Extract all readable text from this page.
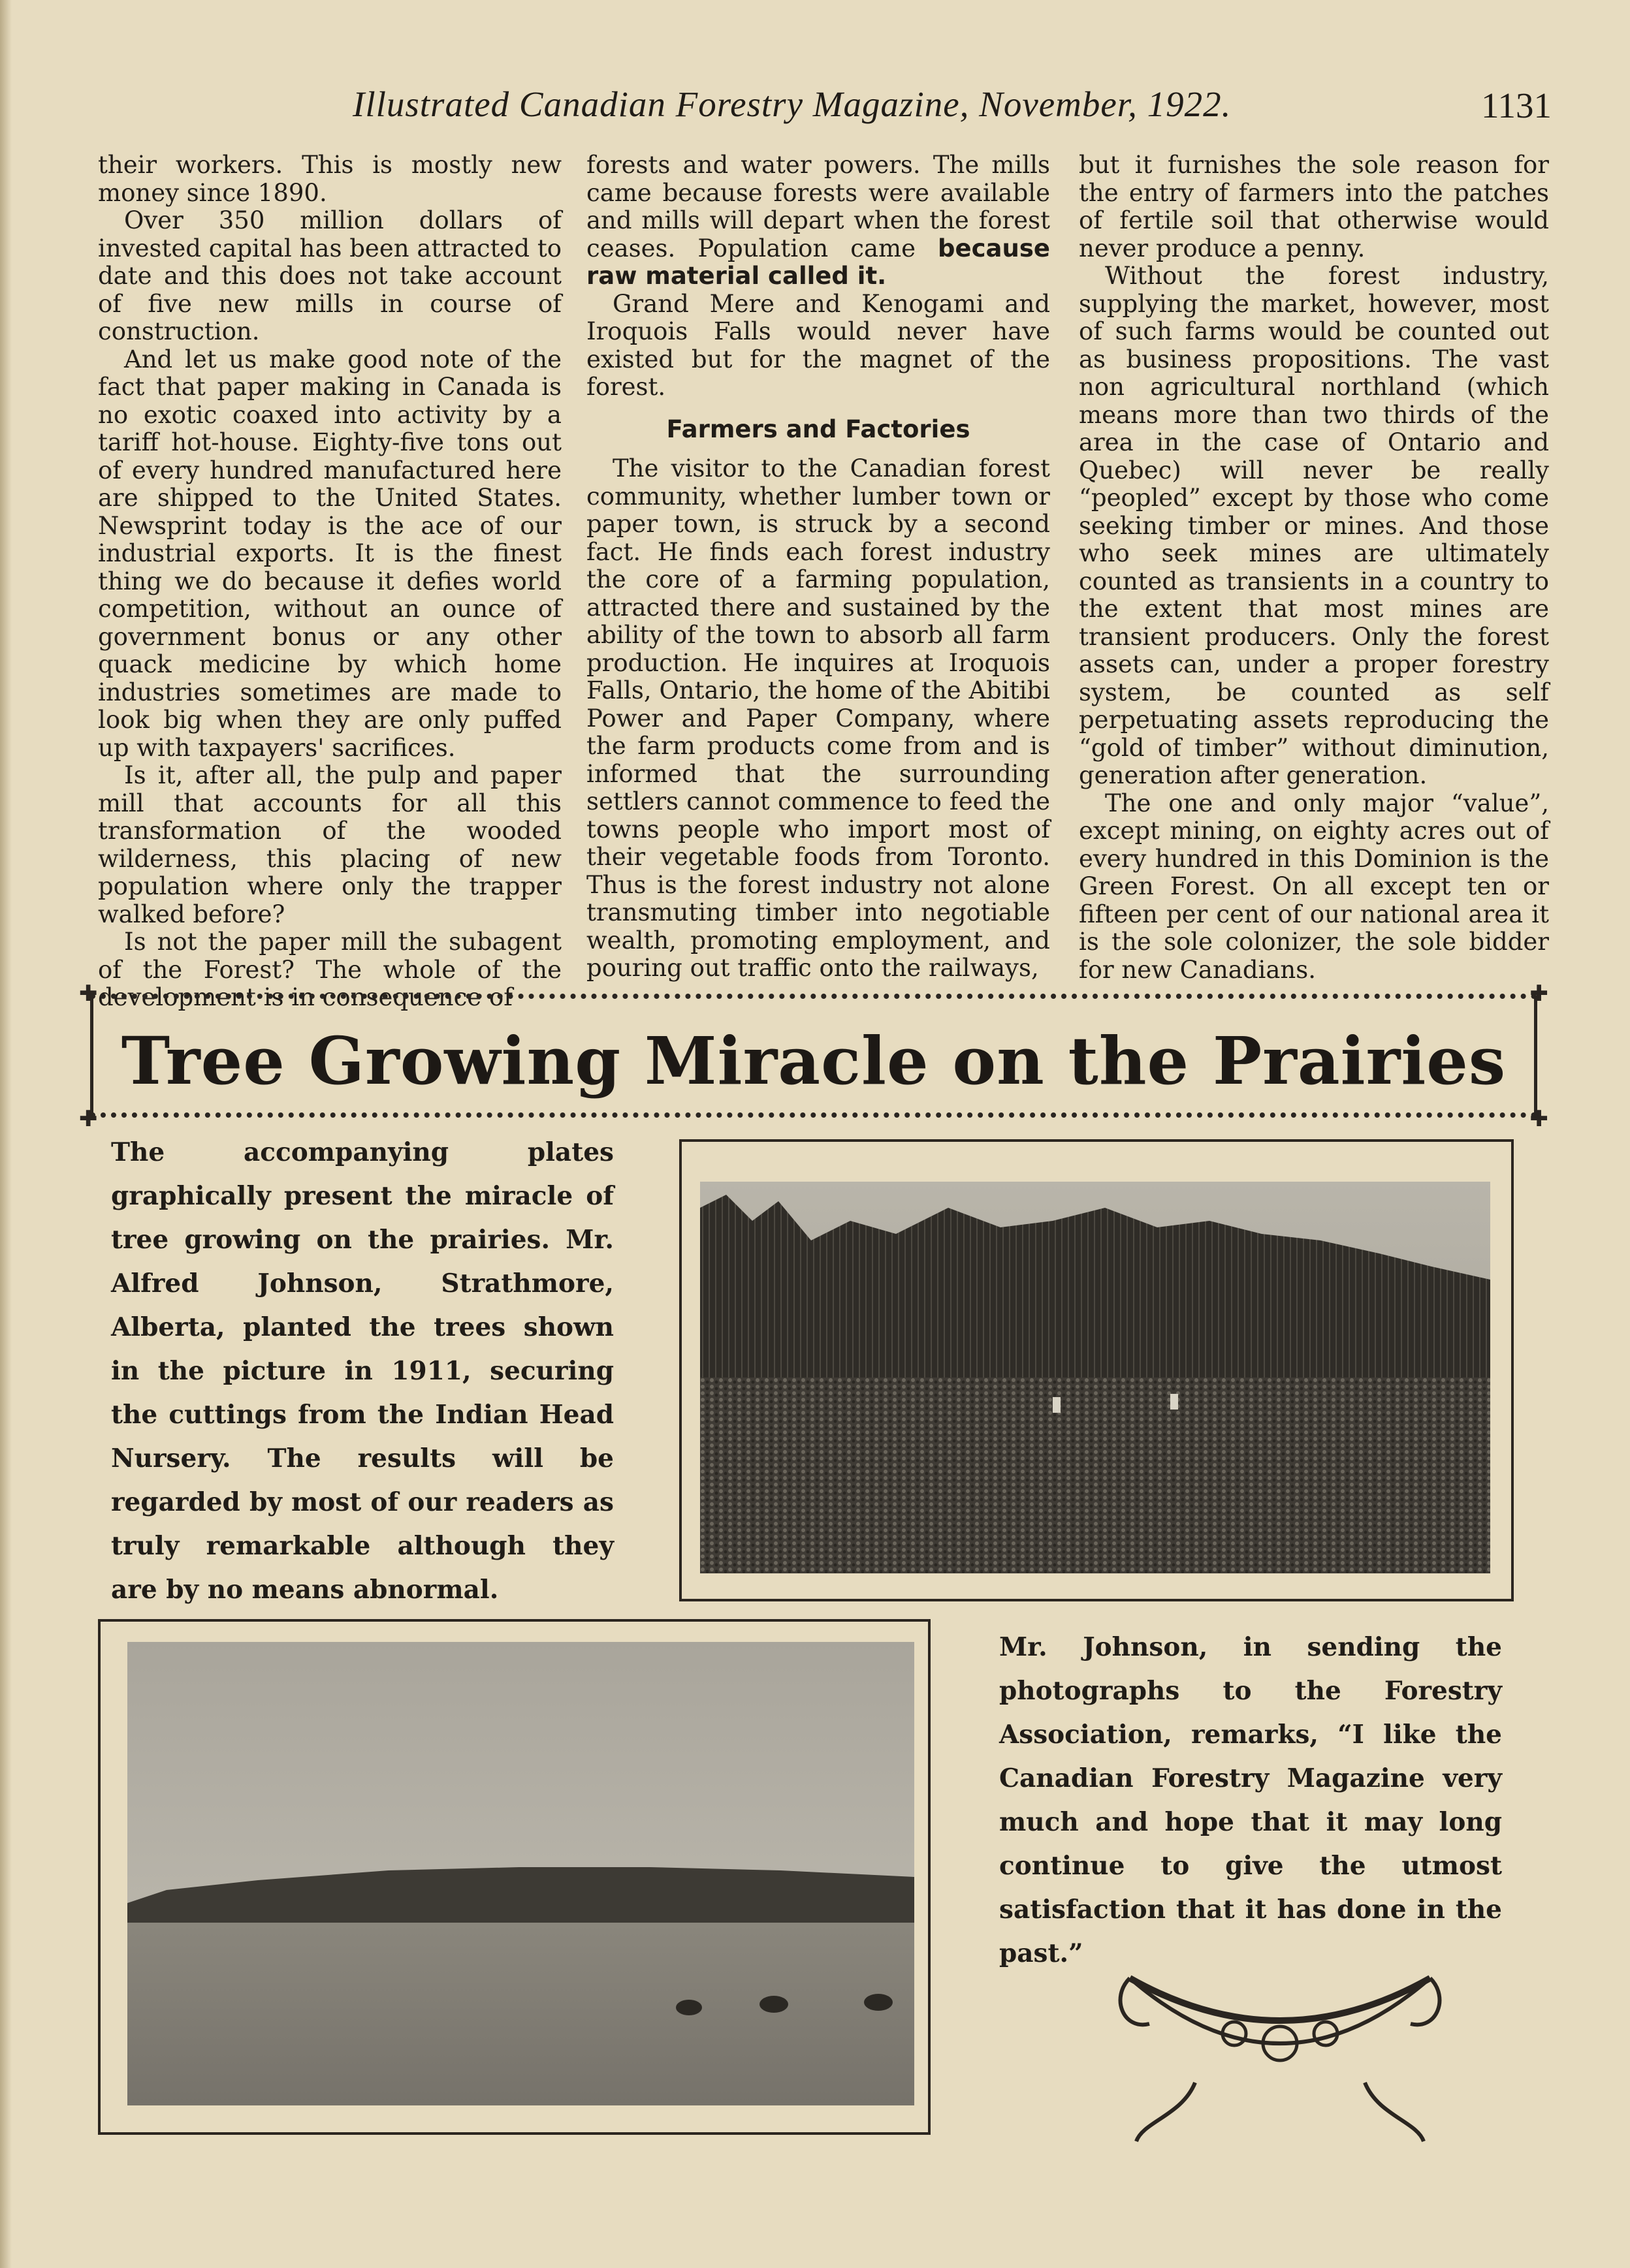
Illustrated Canadian Forestry Magazine, November, 1922.	1131

their workers. This is mostly new money since 1890.

Over 350 million dollars of invested capital has been attracted to date and this does not take account of five new mills in course of construction.

And let us make good note of the fact that paper making in Canada is no exotic coaxed into activity by a tariff hot-house. Eighty-five tons out of every hundred manufactured here are shipped to the United States. Newsprint today is the ace of our industrial exports. It is the finest thing we do because it defies world competition, without an ounce of government bonus or any other quack medicine by which home industries sometimes are made to look big when they are only puffed up with taxpayers' sacrifices.

Is it, after all, the pulp and paper mill that accounts for all this transformation of the wooded wilderness, this placing of new population where only the trapper walked before?

Is not the paper mill the subagent of the Forest? The whole of the development is in consequence of

forests and water powers. The mills came because forests were available and mills will depart when the forest ceases. Population came because raw material called it.

Grand Mere and Kenogami and Iroquois Falls would never have existed but for the magnet of the forest.

Farmers and Factories

The visitor to the Canadian forest community, whether lumber town or paper town, is struck by a second fact. He finds each forest industry the core of a farming population, attracted there and sustained by the ability of the town to absorb all farm production. He inquires at Iroquois Falls, Ontario, the home of the Abitibi Power and Paper Company, where the farm products come from and is informed that the surrounding settlers cannot commence to feed the towns people who import most of their vegetable foods from Toronto. Thus is the forest industry not alone transmuting timber into negotiable wealth, promoting employment, and pouring out traffic onto the railways,

but it furnishes the sole reason for the entry of farmers into the patches of fertile soil that otherwise would never produce a penny.

Without the forest industry, supplying the market, however, most of such farms would be counted out as business propositions. The vast non agricultural northland (which means more than two thirds of the area in the case of Ontario and Quebec) will never be really “peopled” except by those who come seeking timber or mines. And those who seek mines are ultimately counted as transients in a country to the extent that most mines are transient producers. Only the forest assets can, under a proper forestry system, be counted as self perpetuating assets reproducing the “gold of timber” without diminution, generation after generation.

The one and only major “value”, except mining, on eighty acres out of every hundred in this Dominion is the Green Forest. On all except ten or fifteen per cent of our national area it is the sole colonizer, the sole bidder for new Canadians.

✚	✚
✚	✚
Tree Growing Miracle on the Prairies
The accompanying plates graphically present the miracle of tree growing on the prairies. Mr. Alfred Johnson, Strathmore, Alberta, planted the trees shown in the picture in 1911, securing the cuttings from the Indian Head Nursery. The results will be regarded by most of our readers as truly remarkable although they are by no means abnormal.
Mr. Johnson, in sending the photographs to the Forestry Association, remarks, “I like the Canadian Forestry Magazine very much and hope that it may long continue to give the utmost satisfaction that it has done in the past.”
